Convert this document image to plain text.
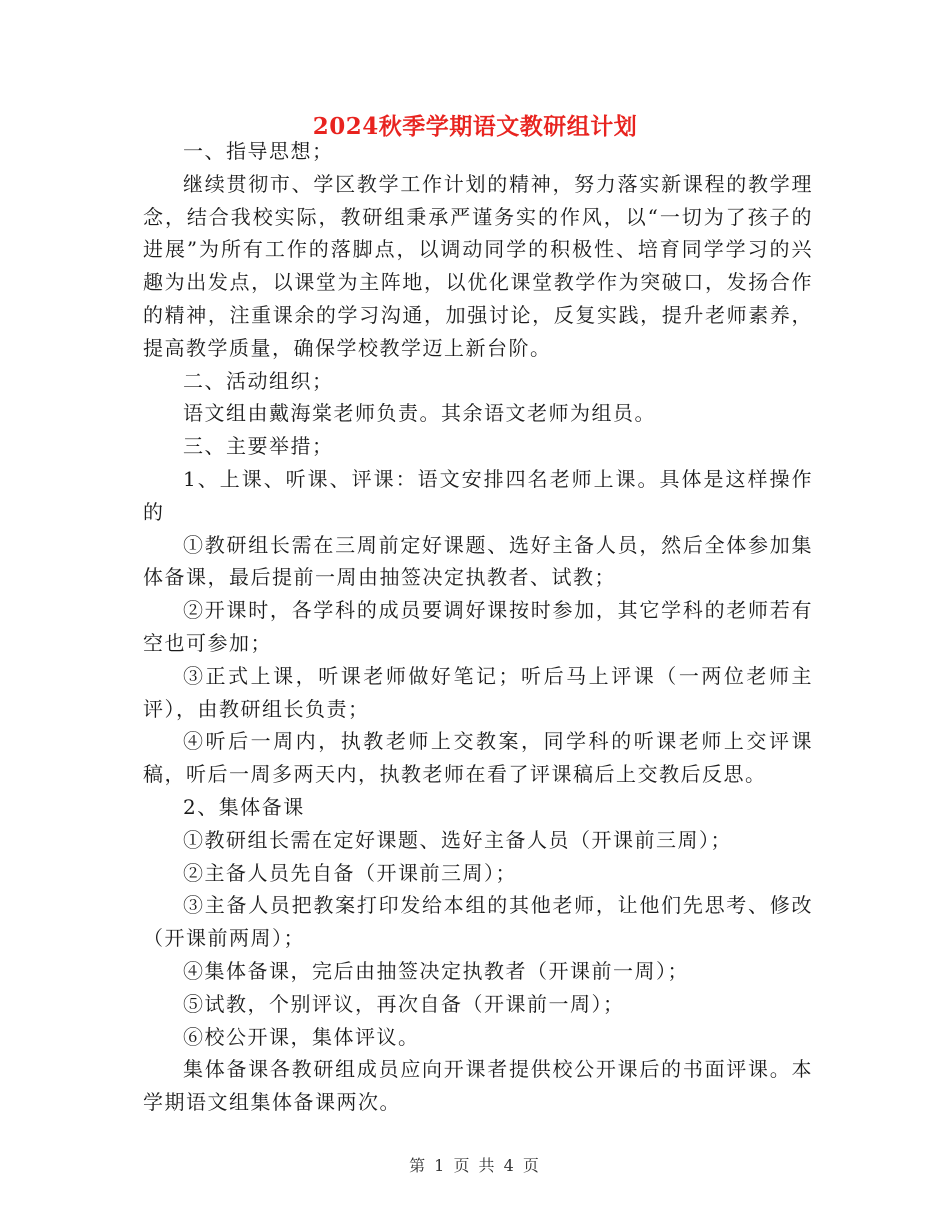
2024秋季学期语文教研组计划

一、指导思想；

继续贯彻市、学区教学工作计划的精神，努力落实新课程的教学理念，结合我校实际，教研组秉承严谨务实的作风，以“一切为了孩子的进展”为所有工作的落脚点，以调动同学的积极性、培育同学学习的兴趣为出发点，以课堂为主阵地，以优化课堂教学作为突破口，发扬合作的精神，注重课余的学习沟通，加强讨论，反复实践，提升老师素养，提高教学质量，确保学校教学迈上新台阶。

二、活动组织；

语文组由戴海棠老师负责。其余语文老师为组员。

三、主要举措；

1、上课、听课、评课：语文安排四名老师上课。具体是这样操作的

①教研组长需在三周前定好课题、选好主备人员，然后全体参加集体备课，最后提前一周由抽签决定执教者、试教；

②开课时，各学科的成员要调好课按时参加，其它学科的老师若有空也可参加；

③正式上课，听课老师做好笔记；听后马上评课（一两位老师主评），由教研组长负责；

④听后一周内，执教老师上交教案，同学科的听课老师上交评课稿，听后一周多两天内，执教老师在看了评课稿后上交教后反思。

2、集体备课

①教研组长需在定好课题、选好主备人员（开课前三周）；

②主备人员先自备（开课前三周）；

③主备人员把教案打印发给本组的其他老师，让他们先思考、修改（开课前两周）；

④集体备课，完后由抽签决定执教者（开课前一周）；

⑤试教，个别评议，再次自备（开课前一周）；

⑥校公开课，集体评议。

集体备课各教研组成员应向开课者提供校公开课后的书面评课。本学期语文组集体备课两次。

第 1 页 共 4 页
